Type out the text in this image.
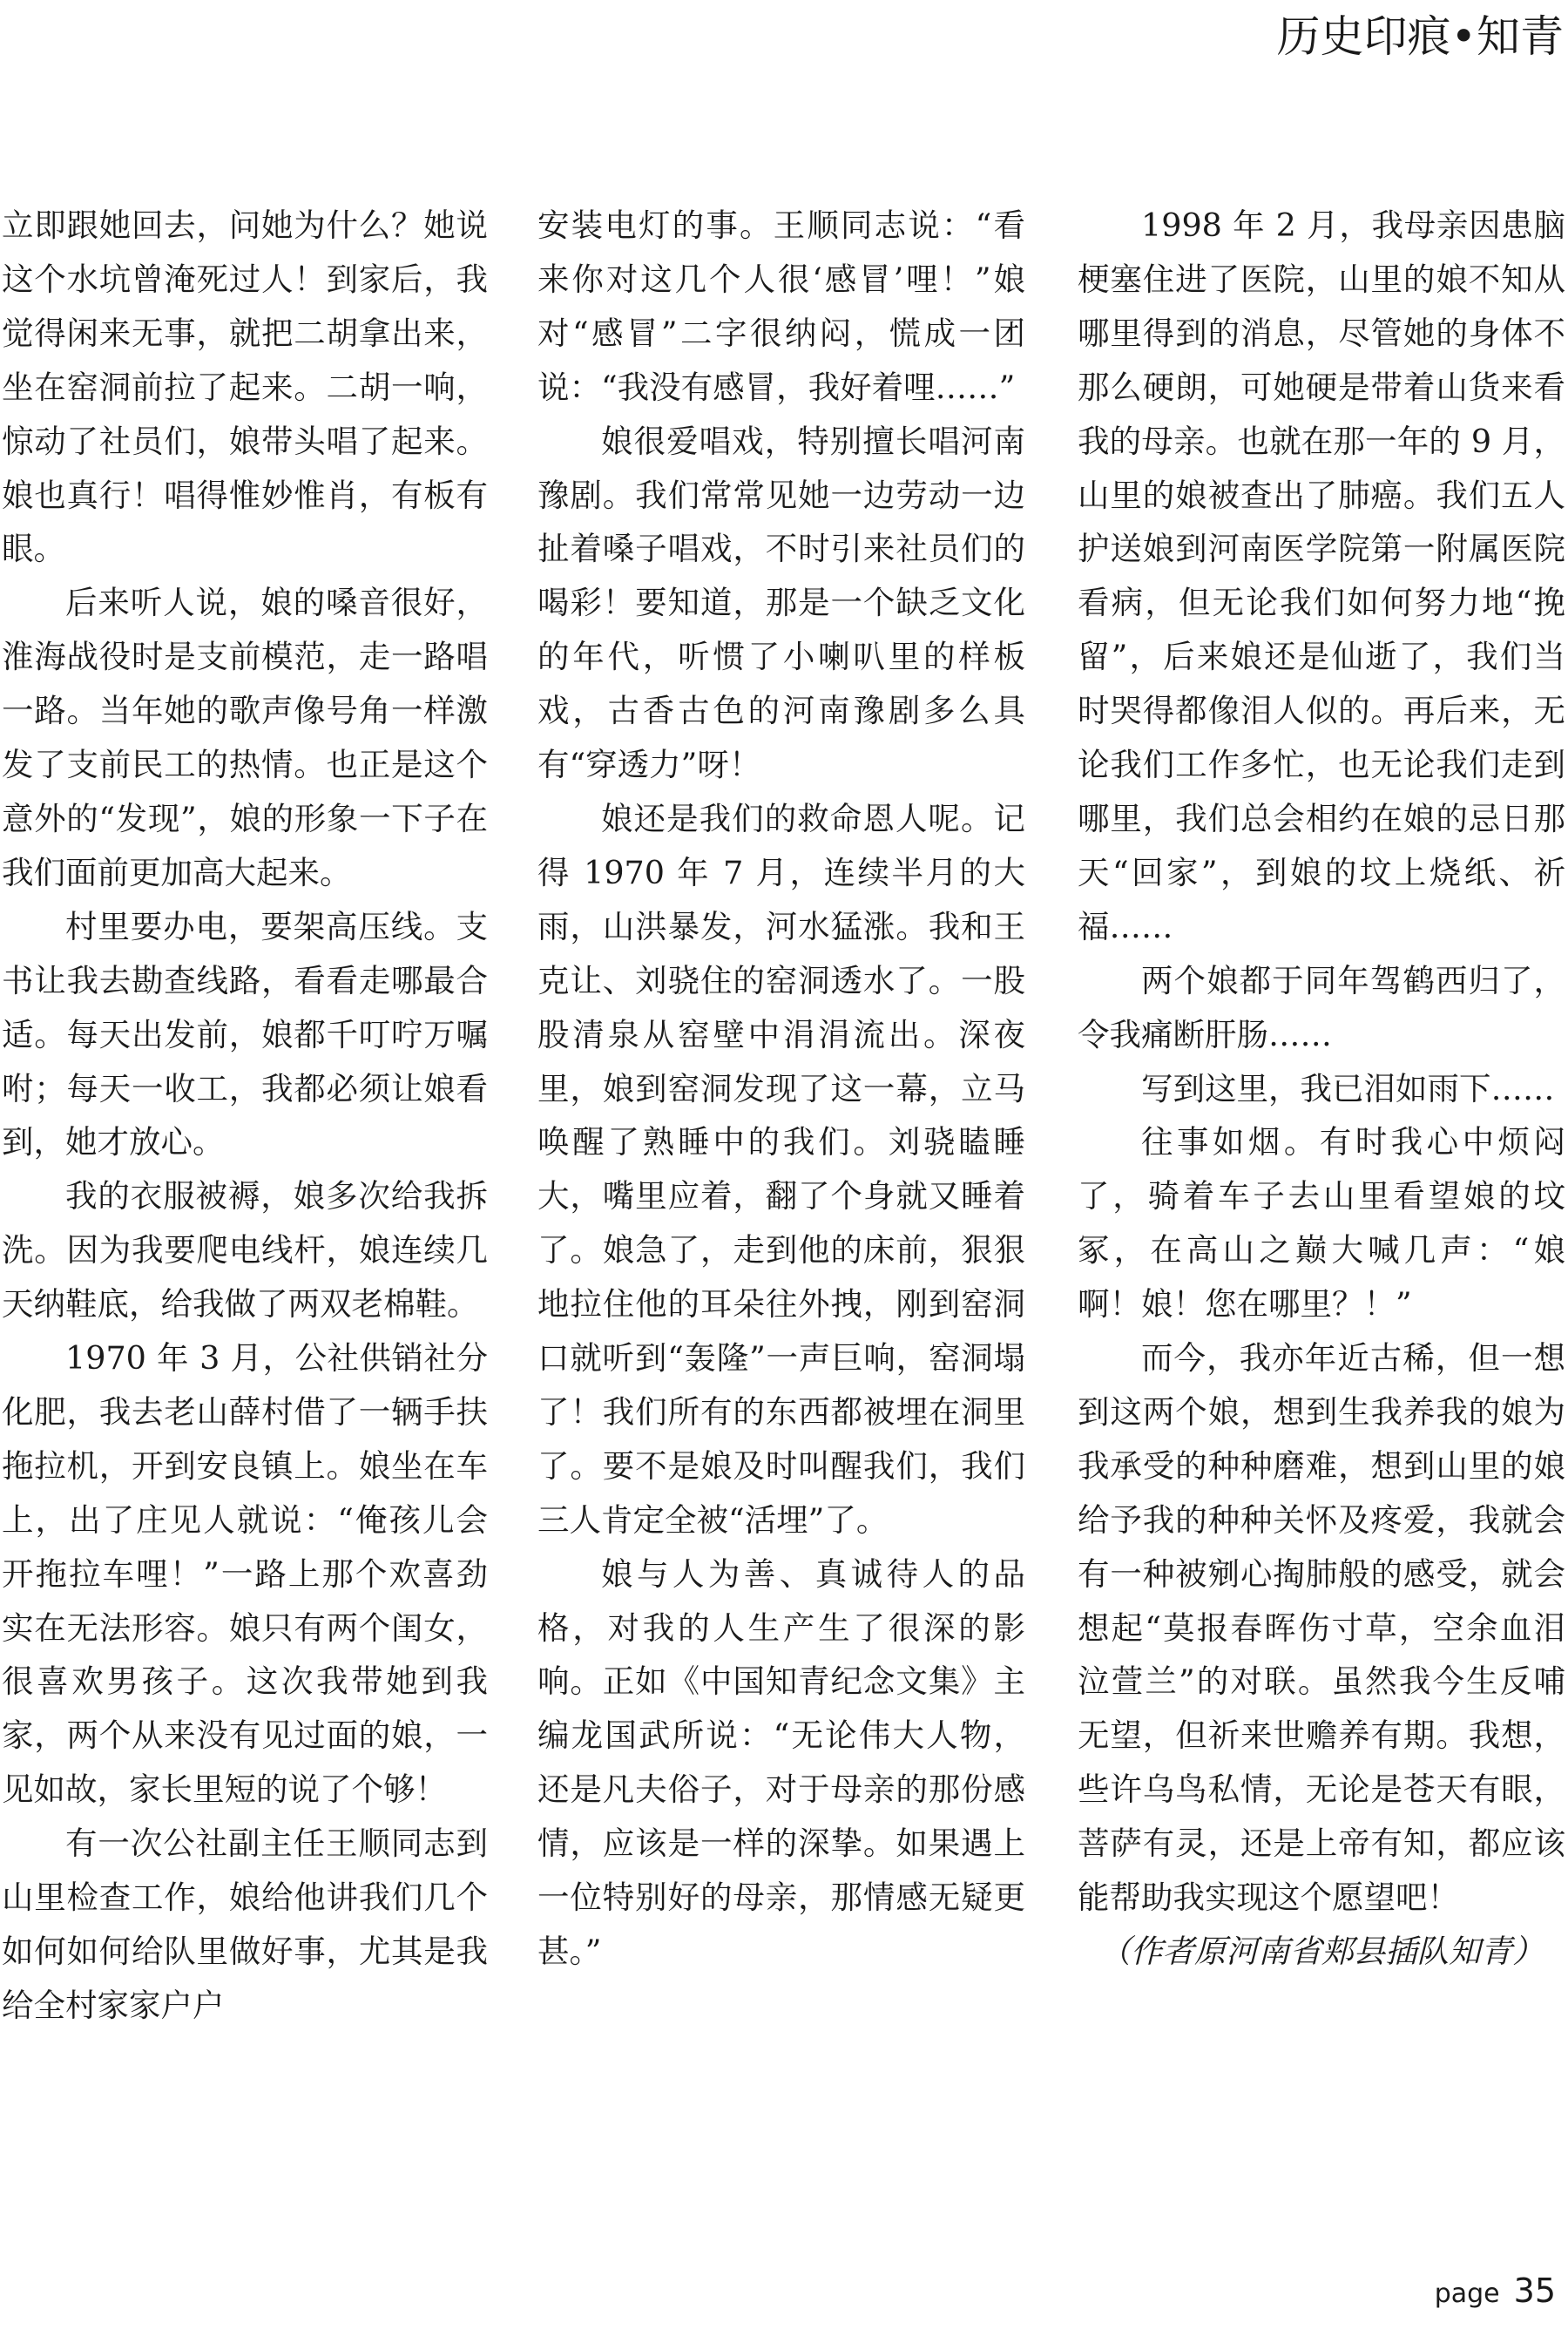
历史印痕•知青

立即跟她回去，问她为什么？她说这个水坑曾淹死过人！到家后，我觉得闲来无事，就把二胡拿出来，坐在窑洞前拉了起来。二胡一响，惊动了社员们，娘带头唱了起来。娘也真行！唱得惟妙惟肖，有板有眼。

后来听人说，娘的嗓音很好，淮海战役时是支前模范，走一路唱一路。当年她的歌声像号角一样激发了支前民工的热情。也正是这个意外的“发现”，娘的形象一下子在我们面前更加高大起来。

村里要办电，要架高压线。支书让我去勘查线路，看看走哪最合适。每天出发前，娘都千叮咛万嘱咐；每天一收工，我都必须让娘看到，她才放心。

我的衣服被褥，娘多次给我拆洗。因为我要爬电线杆，娘连续几天纳鞋底，给我做了两双老棉鞋。

1970 年 3 月，公社供销社分化肥，我去老山薛村借了一辆手扶拖拉机，开到安良镇上。娘坐在车上，出了庄见人就说：“俺孩儿会开拖拉车哩！”一路上那个欢喜劲实在无法形容。娘只有两个闺女，很喜欢男孩子。这次我带她到我家，两个从来没有见过面的娘，一见如故，家长里短的说了个够！

有一次公社副主任王顺同志到山里检查工作，娘给他讲我们几个如何如何给队里做好事，尤其是我给全村家家户户

安装电灯的事。王顺同志说：“看来你对这几个人很‘感冒’哩！”娘对“感冒”二字很纳闷，慌成一团说：“我没有感冒，我好着哩……”

娘很爱唱戏，特别擅长唱河南豫剧。我们常常见她一边劳动一边扯着嗓子唱戏，不时引来社员们的喝彩！要知道，那是一个缺乏文化的年代，听惯了小喇叭里的样板戏，古香古色的河南豫剧多么具有“穿透力”呀！

娘还是我们的救命恩人呢。记得 1970 年 7 月，连续半月的大雨，山洪暴发，河水猛涨。我和王克让、刘骁住的窑洞透水了。一股股清泉从窑壁中涓涓流出。深夜里，娘到窑洞发现了这一幕，立马唤醒了熟睡中的我们。刘骁瞌睡大，嘴里应着，翻了个身就又睡着了。娘急了，走到他的床前，狠狠地拉住他的耳朵往外拽，刚到窑洞口就听到“轰隆”一声巨响，窑洞塌了！我们所有的东西都被埋在洞里了。要不是娘及时叫醒我们，我们三人肯定全被“活埋”了。

娘与人为善、真诚待人的品格，对我的人生产生了很深的影响。正如《中国知青纪念文集》主编龙国武所说：“无论伟大人物，还是凡夫俗子，对于母亲的那份感情，应该是一样的深挚。如果遇上一位特别好的母亲，那情感无疑更甚。”

1998 年 2 月，我母亲因患脑梗塞住进了医院，山里的娘不知从哪里得到的消息，尽管她的身体不那么硬朗，可她硬是带着山货来看我的母亲。也就在那一年的 9 月，山里的娘被查出了肺癌。我们五人护送娘到河南医学院第一附属医院看病，但无论我们如何努力地“挽留”，后来娘还是仙逝了，我们当时哭得都像泪人似的。再后来，无论我们工作多忙，也无论我们走到哪里，我们总会相约在娘的忌日那天“回家”，到娘的坟上烧纸、祈福……

两个娘都于同年驾鹤西归了，令我痛断肝肠……

写到这里，我已泪如雨下……

往事如烟。有时我心中烦闷了，骑着车子去山里看望娘的坟冢，在高山之巅大喊几声：“娘啊！娘！您在哪里？！”

而今，我亦年近古稀，但一想到这两个娘，想到生我养我的娘为我承受的种种磨难，想到山里的娘给予我的种种关怀及疼爱，我就会有一种被剜心掏肺般的感受，就会想起“莫报春晖伤寸草，空余血泪泣萱兰”的对联。虽然我今生反哺无望，但祈来世赡养有期。我想，些许乌鸟私情，无论是苍天有眼，菩萨有灵，还是上帝有知，都应该能帮助我实现这个愿望吧！

（作者原河南省郏县插队知青）

page 35
